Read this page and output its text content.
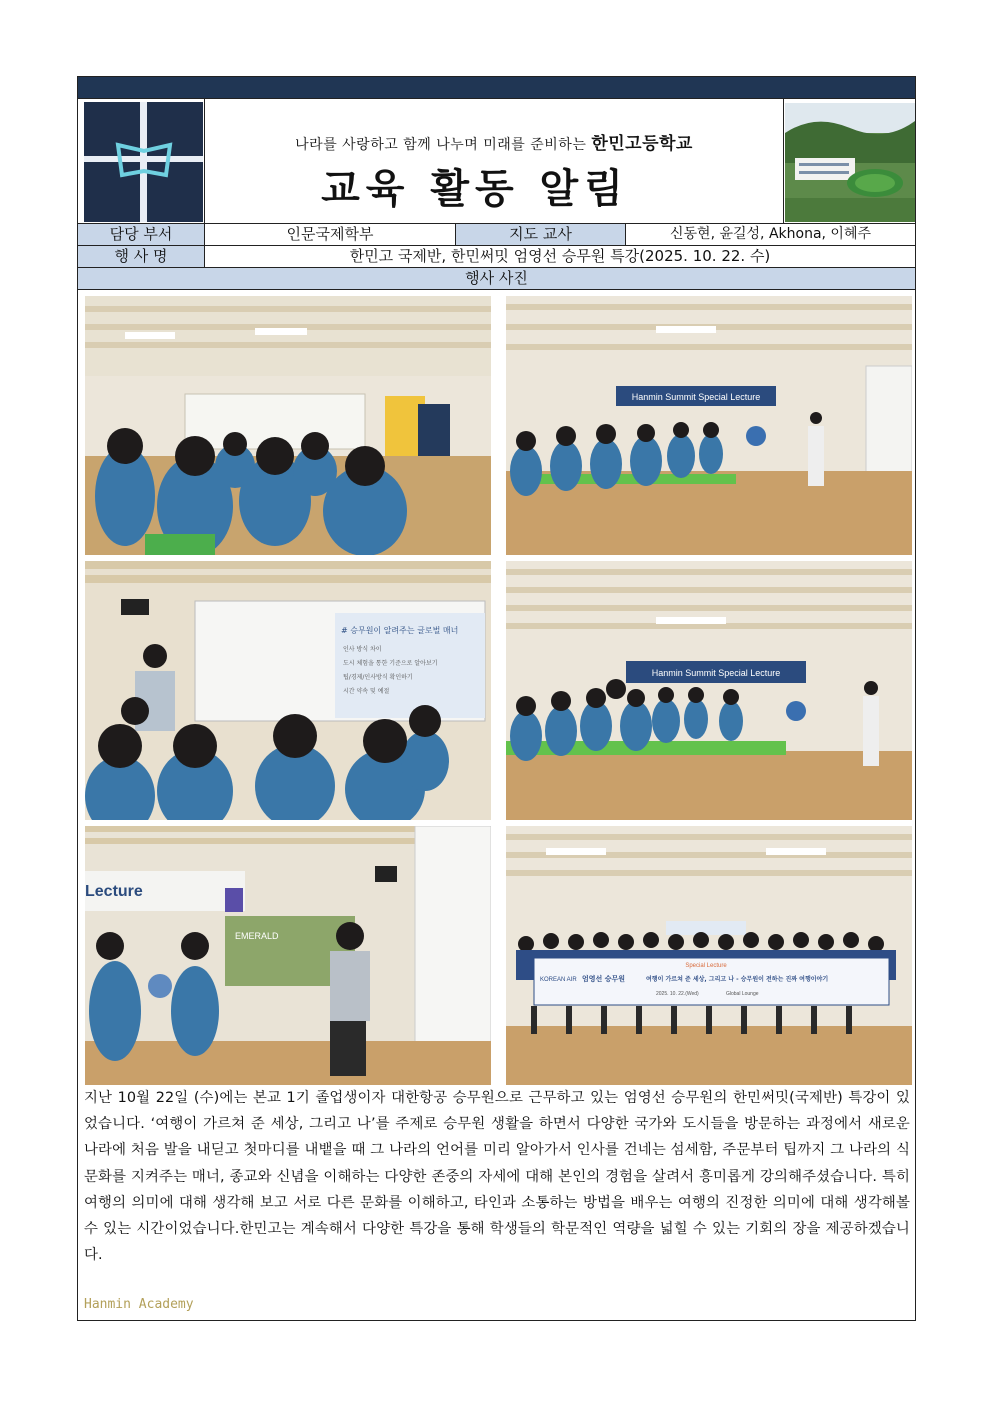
나라를 사랑하고 함께 나누며 미래를 준비하는 한민고등학교
교육 활동 알림
담당 부서	인문국제학부	지도 교사	신동현, 윤길성, Akhona, 이혜주
행 사 명	한민고 국제반, 한민써밋 엄영선 승무원 특강(2025. 10. 22. 수)
행사 사진
Hanmin Summit Special Lecture
# 승무원이 알려주는 글로벌 매너
인사 방식 차이
도시 체험을 통한 기준으로 알아보기
팁/경제/인사방식 확인하기
시간 약속 및 예절
Hanmin Summit Special Lecture
Lecture
EMERALD
Special Lecture
KOREAN AIR 엄영선 승무원	여행이 가르쳐 준 세상, 그리고 나 - 승무원이 전하는 진짜 여행이야기
2025. 10. 22.(Wed)	Global Lounge
지난 10월 22일 (수)에는 본교 1기 졸업생이자 대한항공 승무원으로 근무하고 있는 엄영선 승무원의 한민써밋(국제반) 특강이 있었습니다. ‘여행이 가르쳐 준 세상, 그리고 나’를 주제로 승무원 생활을 하면서 다양한 국가와 도시들을 방문하는 과정에서 새로운 나라에 처음 발을 내딛고 첫마디를 내뱉을 때 그 나라의 언어를 미리 알아가서 인사를 건네는 섬세함, 주문부터 팁까지 그 나라의 식문화를 지켜주는 매너, 종교와 신념을 이해하는 다양한 존중의 자세에 대해 본인의 경험을 살려서 흥미롭게 강의해주셨습니다. 특히 여행의 의미에 대해 생각해 보고 서로 다른 문화를 이해하고, 타인과 소통하는 방법을 배우는 여행의 진정한 의미에 대해 생각해볼 수 있는 시간이었습니다.한민고는 계속해서 다양한 특강을 통해 학생들의 학문적인 역량을 넓힐 수 있는 기회의 장을 제공하겠습니다.
Hanmin Academy
